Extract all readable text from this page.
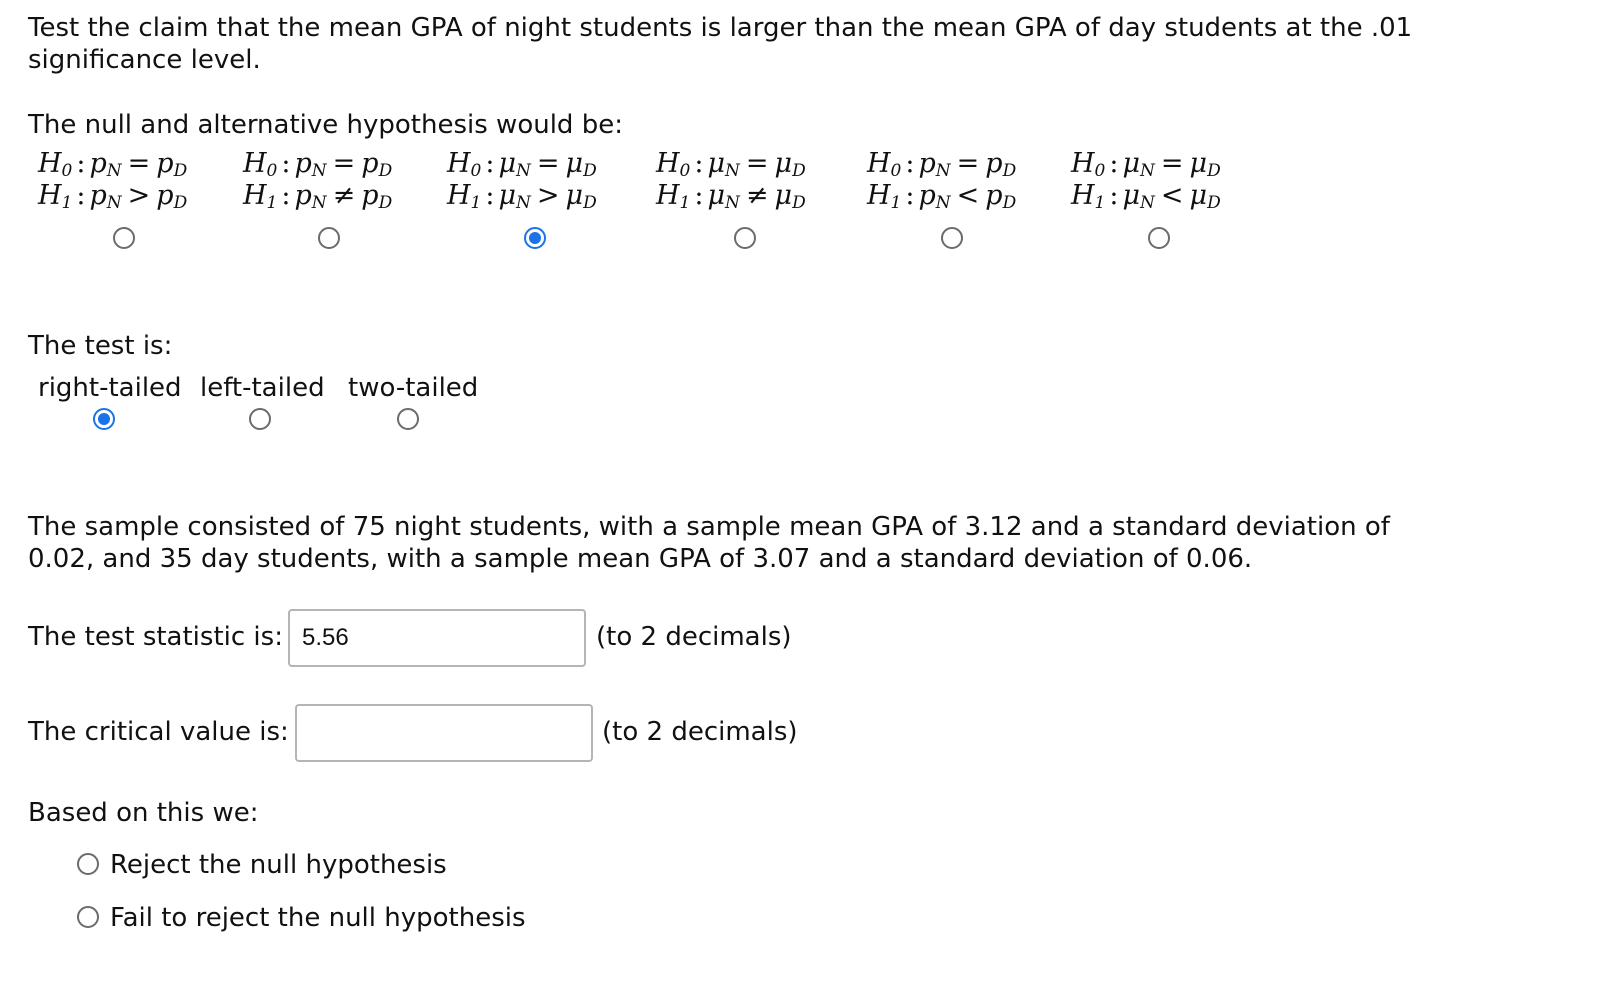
Test the claim that the mean GPA of night students is larger than the mean GPA of day students at the .01
significance level.
The null and alternative hypothesis would be:
$H_0$ : $p_N = p_D$
$H_1$ : $p_N > p_D$
$H_0$ : $p_N = p_D$
$H_1$ : $p_N \ne p_D$
$H_0$ : $\mu_N = \mu_D$
$H_1$ : $\mu_N > \mu_D$
$H_0$ : $\mu_N = \mu_D$
$H_1$ : $\mu_N \ne \mu_D$
$H_0$ : $p_N = p_D$
$H_1$ : $p_N < p_D$
$H_0$ : $\mu_N = \mu_D$
$H_1$ : $\mu_N < \mu_D$
The test is:
right-tailed left-tailed two-tailed
The sample consisted of 75 night students, with a sample mean GPA of 3.12 and a standard deviation of
0.02, and 35 day students, with a sample mean GPA of 3.07 and a standard deviation of 0.06.
The test statistic is:
5.56	(to 2 decimals)
The critical value is:	(to 2 decimals)
Based on this we:
Reject the null hypothesis
Fail to reject the null hypothesis
